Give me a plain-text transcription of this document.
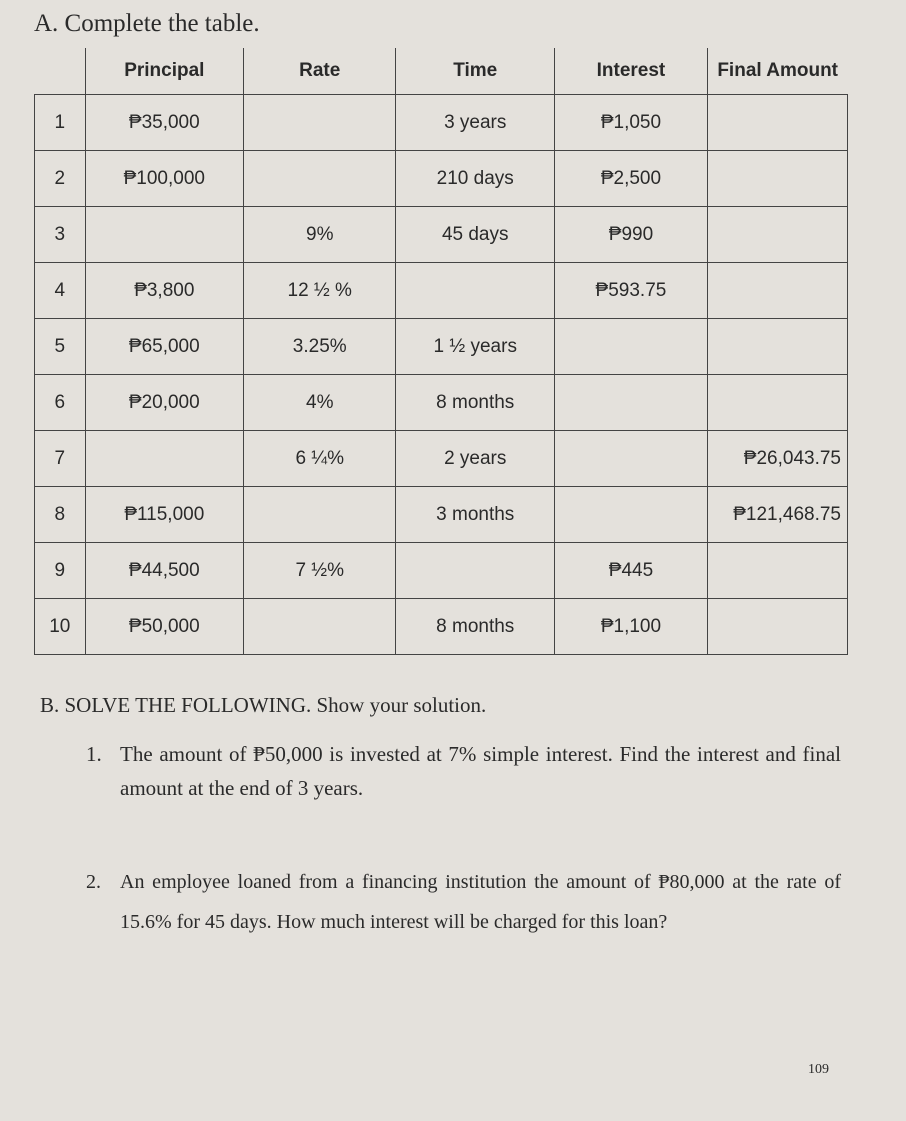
A. Complete the table.
	Principal	Rate	Time	Interest	Final Amount
1	₱35,000		3 years	₱1,050	
2	₱100,000		210 days	₱2,500	
3		9%	45 days	₱990	
4	₱3,800	12 ½ %		₱593.75	
5	₱65,000	3.25%	1 ½ years		
6	₱20,000	4%	8 months		
7		6 ¼%	2 years		₱26,043.75
8	₱115,000		3 months		₱121,468.75
9	₱44,500	7 ½%		₱445	
10	₱50,000		8 months	₱1,100	
B. SOLVE THE FOLLOWING. Show your solution.
1. The amount of ₱50,000 is invested at 7% simple interest. Find the interest and final amount at the end of 3 years.
2. An employee loaned from a financing institution the amount of ₱80,000 at the rate of 15.6% for 45 days. How much interest will be charged for this loan?
109
